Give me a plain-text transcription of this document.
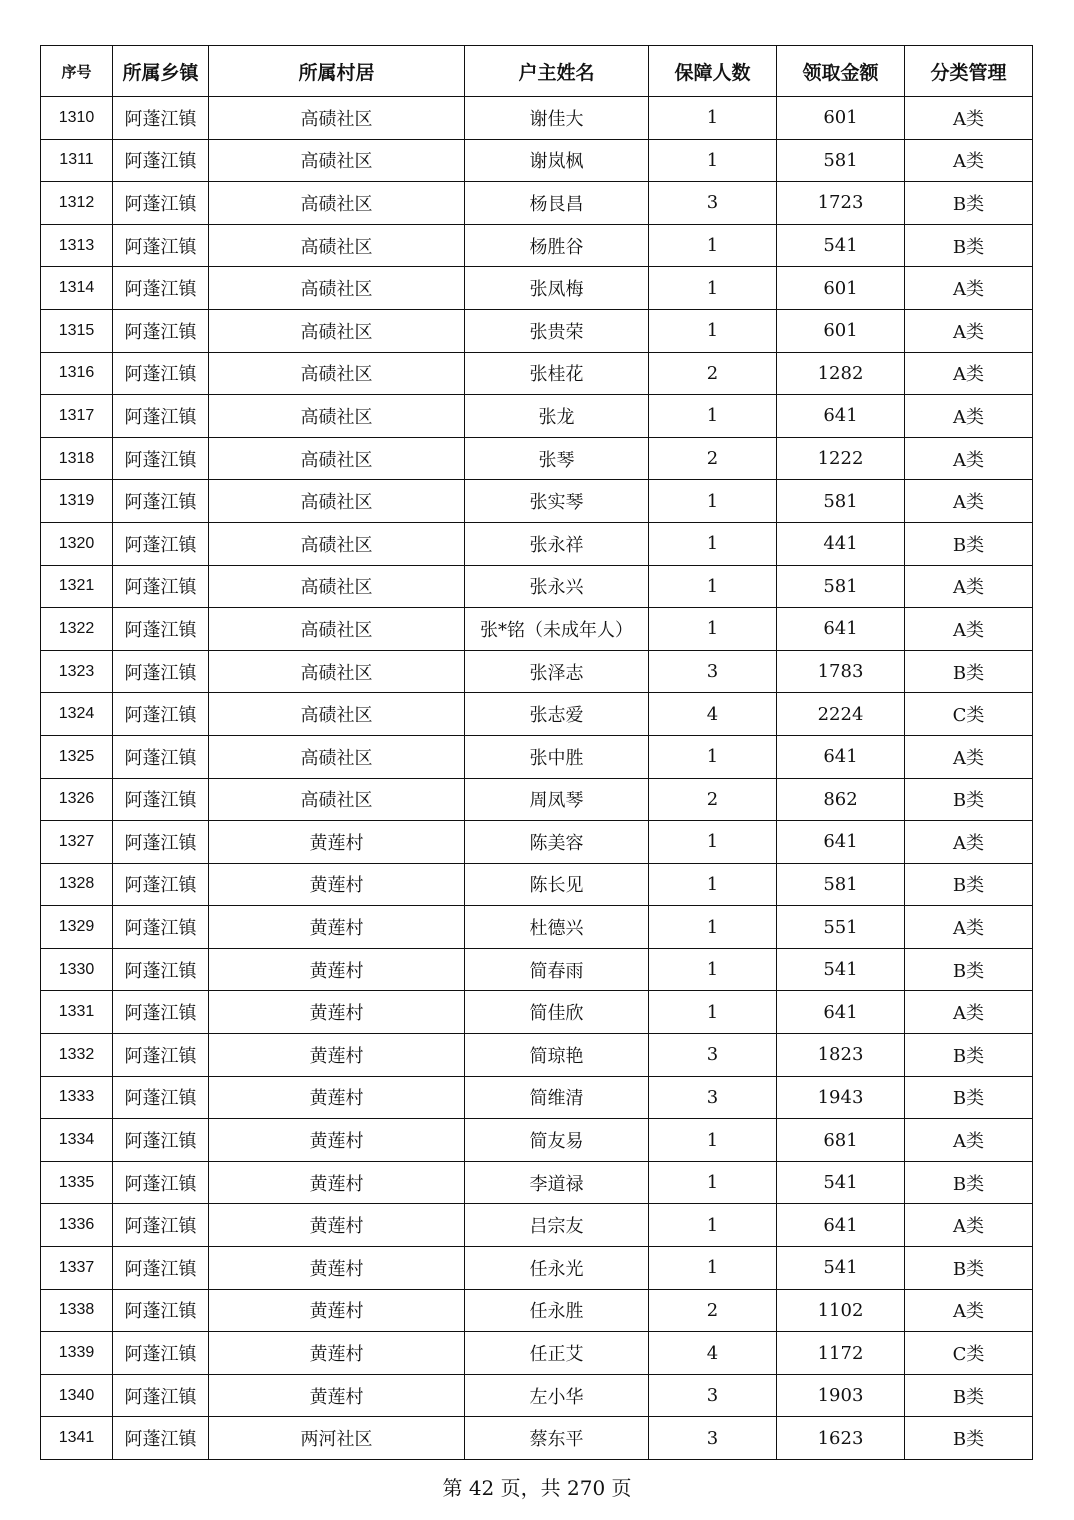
序号	所属乡镇	所属村居	户主姓名	保障人数	领取金额	分类管理
1310	阿蓬江镇	高碛社区	谢佳大	1	601	A类
1311	阿蓬江镇	高碛社区	谢岚枫	1	581	A类
1312	阿蓬江镇	高碛社区	杨艮昌	3	1723	B类
1313	阿蓬江镇	高碛社区	杨胜谷	1	541	B类
1314	阿蓬江镇	高碛社区	张凤梅	1	601	A类
1315	阿蓬江镇	高碛社区	张贵荣	1	601	A类
1316	阿蓬江镇	高碛社区	张桂花	2	1282	A类
1317	阿蓬江镇	高碛社区	张龙	1	641	A类
1318	阿蓬江镇	高碛社区	张琴	2	1222	A类
1319	阿蓬江镇	高碛社区	张实琴	1	581	A类
1320	阿蓬江镇	高碛社区	张永祥	1	441	B类
1321	阿蓬江镇	高碛社区	张永兴	1	581	A类
1322	阿蓬江镇	高碛社区	张*铭（未成年人）	1	641	A类
1323	阿蓬江镇	高碛社区	张泽志	3	1783	B类
1324	阿蓬江镇	高碛社区	张志爱	4	2224	C类
1325	阿蓬江镇	高碛社区	张中胜	1	641	A类
1326	阿蓬江镇	高碛社区	周凤琴	2	862	B类
1327	阿蓬江镇	黄莲村	陈美容	1	641	A类
1328	阿蓬江镇	黄莲村	陈长见	1	581	B类
1329	阿蓬江镇	黄莲村	杜德兴	1	551	A类
1330	阿蓬江镇	黄莲村	简春雨	1	541	B类
1331	阿蓬江镇	黄莲村	简佳欣	1	641	A类
1332	阿蓬江镇	黄莲村	简琼艳	3	1823	B类
1333	阿蓬江镇	黄莲村	简维清	3	1943	B类
1334	阿蓬江镇	黄莲村	简友易	1	681	A类
1335	阿蓬江镇	黄莲村	李道禄	1	541	B类
1336	阿蓬江镇	黄莲村	吕宗友	1	641	A类
1337	阿蓬江镇	黄莲村	任永光	1	541	B类
1338	阿蓬江镇	黄莲村	任永胜	2	1102	A类
1339	阿蓬江镇	黄莲村	任正艾	4	1172	C类
1340	阿蓬江镇	黄莲村	左小华	3	1903	B类
1341	阿蓬江镇	两河社区	蔡东平	3	1623	B类
第 42 页，共 270 页
